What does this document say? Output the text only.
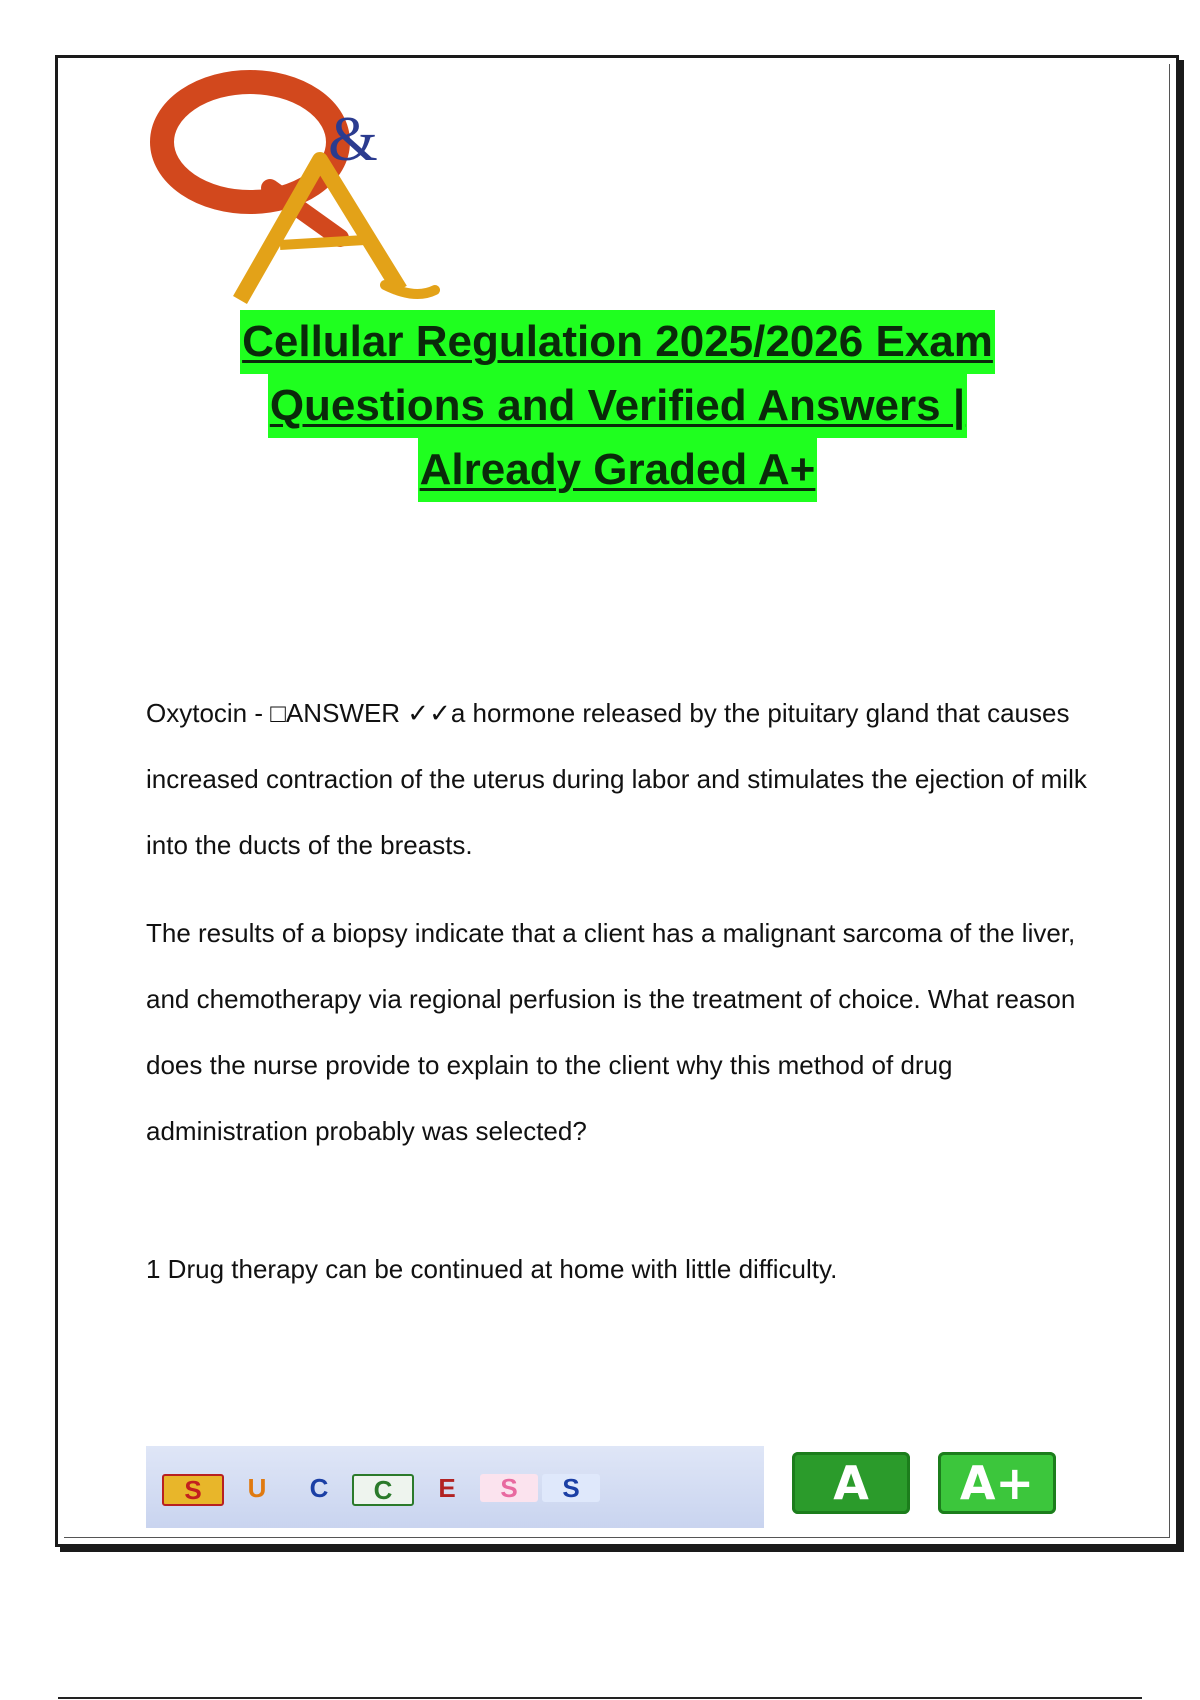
&
Cellular Regulation 2025/2026 Exam
Questions and Verified Answers |
Already Graded A+
Oxytocin - □ANSWER ✓✓a hormone released by the pituitary gland that causes increased contraction of the uterus during labor and stimulates the ejection of milk into the ducts of the breasts.
The results of a biopsy indicate that a client has a malignant sarcoma of the liver, and chemotherapy via regional perfusion is the treatment of choice. What reason does the nurse provide to explain to the client why this method of drug administration probably was selected?
1 Drug therapy can be continued at home with little difficulty.
S	U	C	C	E	S	S	A	A+
